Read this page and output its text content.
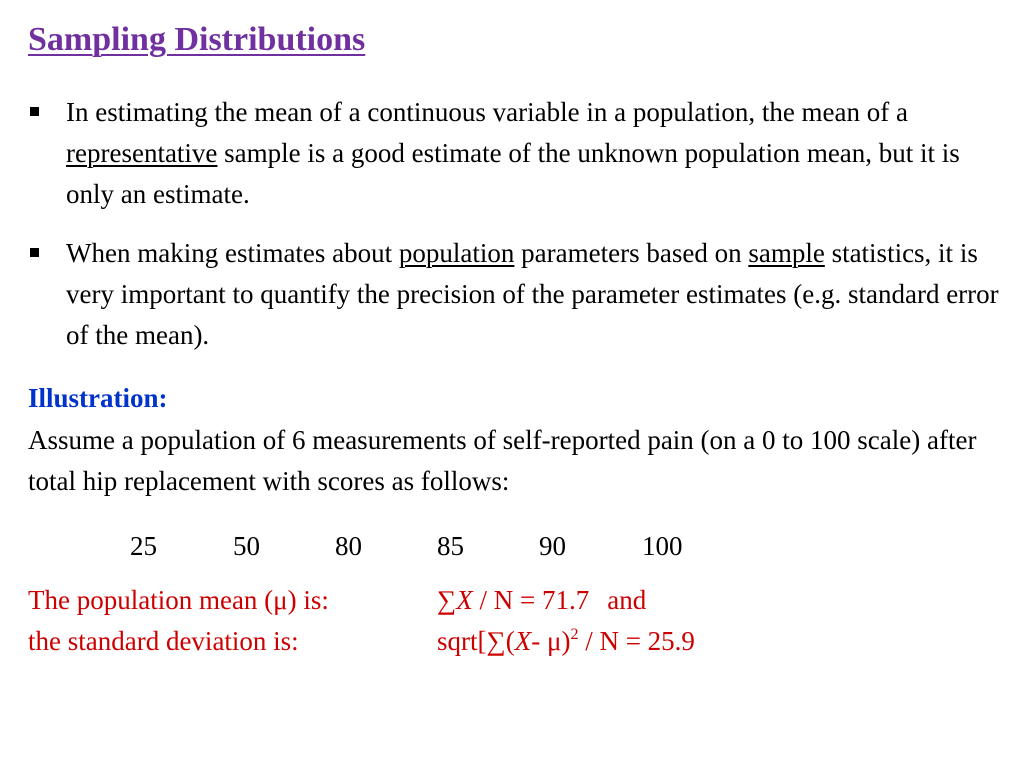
Sampling Distributions
In estimating the mean of a continuous variable in a population, the mean of a representative sample is a good estimate of the unknown population mean, but it is only an estimate.
When making estimates about population parameters based on sample statistics, it is very important to quantify the precision of the parameter estimates (e.g. standard error of the mean).
Illustration:
Assume a population of 6 measurements of self-reported pain (on a 0 to 100 scale) after total hip replacement with scores as follows:
25	50	80	85	90	100
The population mean (μ) is:	∑X / N = 71.7 and
the standard deviation is:	sqrt[∑(X- μ)$^2$ / N = 25.9
